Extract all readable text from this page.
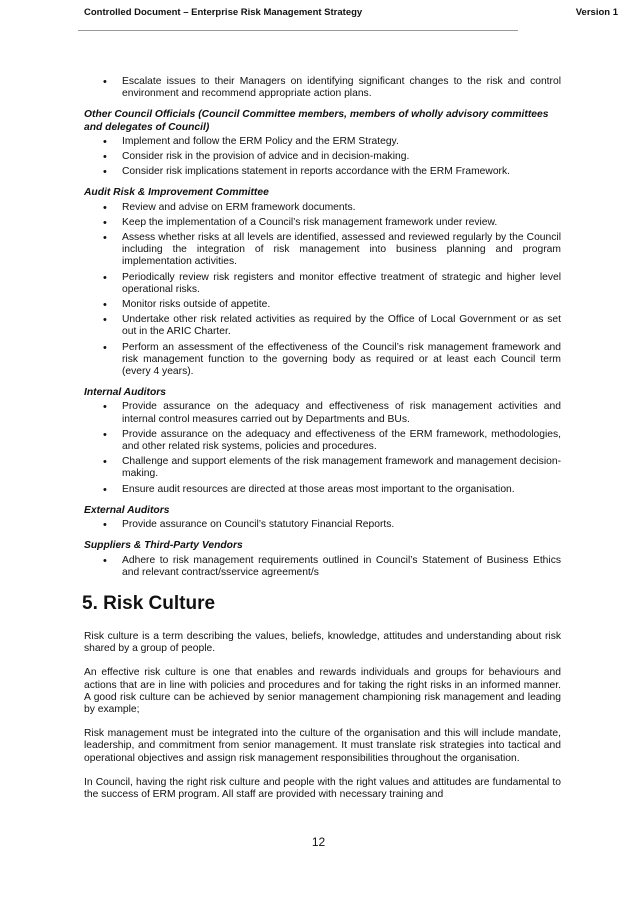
Controlled Document – Enterprise Risk Management Strategy	Version 1
• Escalate issues to their Managers on identifying significant changes to the risk and control environment and recommend appropriate action plans.
Other Council Officials (Council Committee members, members of wholly advisory committees and delegates of Council)
• Implement and follow the ERM Policy and the ERM Strategy.
• Consider risk in the provision of advice and in decision-making.
• Consider risk implications statement in reports accordance with the ERM Framework.
Audit Risk & Improvement Committee
• Review and advise on ERM framework documents.
• Keep the implementation of a Council’s risk management framework under review.
• Assess whether risks at all levels are identified, assessed and reviewed regularly by the Council including the integration of risk management into business planning and program implementation activities.
• Periodically review risk registers and monitor effective treatment of strategic and higher level operational risks.
• Monitor risks outside of appetite.
• Undertake other risk related activities as required by the Office of Local Government or as set out in the ARIC Charter.
• Perform an assessment of the effectiveness of the Council’s risk management framework and risk management function to the governing body as required or at least each Council term (every 4 years).
Internal Auditors
• Provide assurance on the adequacy and effectiveness of risk management activities and internal control measures carried out by Departments and BUs.
• Provide assurance on the adequacy and effectiveness of the ERM framework, methodologies, and other related risk systems, policies and procedures.
• Challenge and support elements of the risk management framework and management decision-making.
• Ensure audit resources are directed at those areas most important to the organisation.
External Auditors
• Provide assurance on Council’s statutory Financial Reports.
Suppliers & Third-Party Vendors
• Adhere to risk management requirements outlined in Council’s Statement of Business Ethics and relevant contract/sservice agreement/s
5. Risk Culture

Risk culture is a term describing the values, beliefs, knowledge, attitudes and understanding about risk shared by a group of people.

An effective risk culture is one that enables and rewards individuals and groups for behaviours and actions that are in line with policies and procedures and for taking the right risks in an informed manner. A good risk culture can be achieved by senior management championing risk management and leading by example;

Risk management must be integrated into the culture of the organisation and this will include mandate, leadership, and commitment from senior management. It must translate risk strategies into tactical and operational objectives and assign risk management responsibilities throughout the organisation.

In Council, having the right risk culture and people with the right values and attitudes are fundamental to the success of ERM program. All staff are provided with necessary training and

12
